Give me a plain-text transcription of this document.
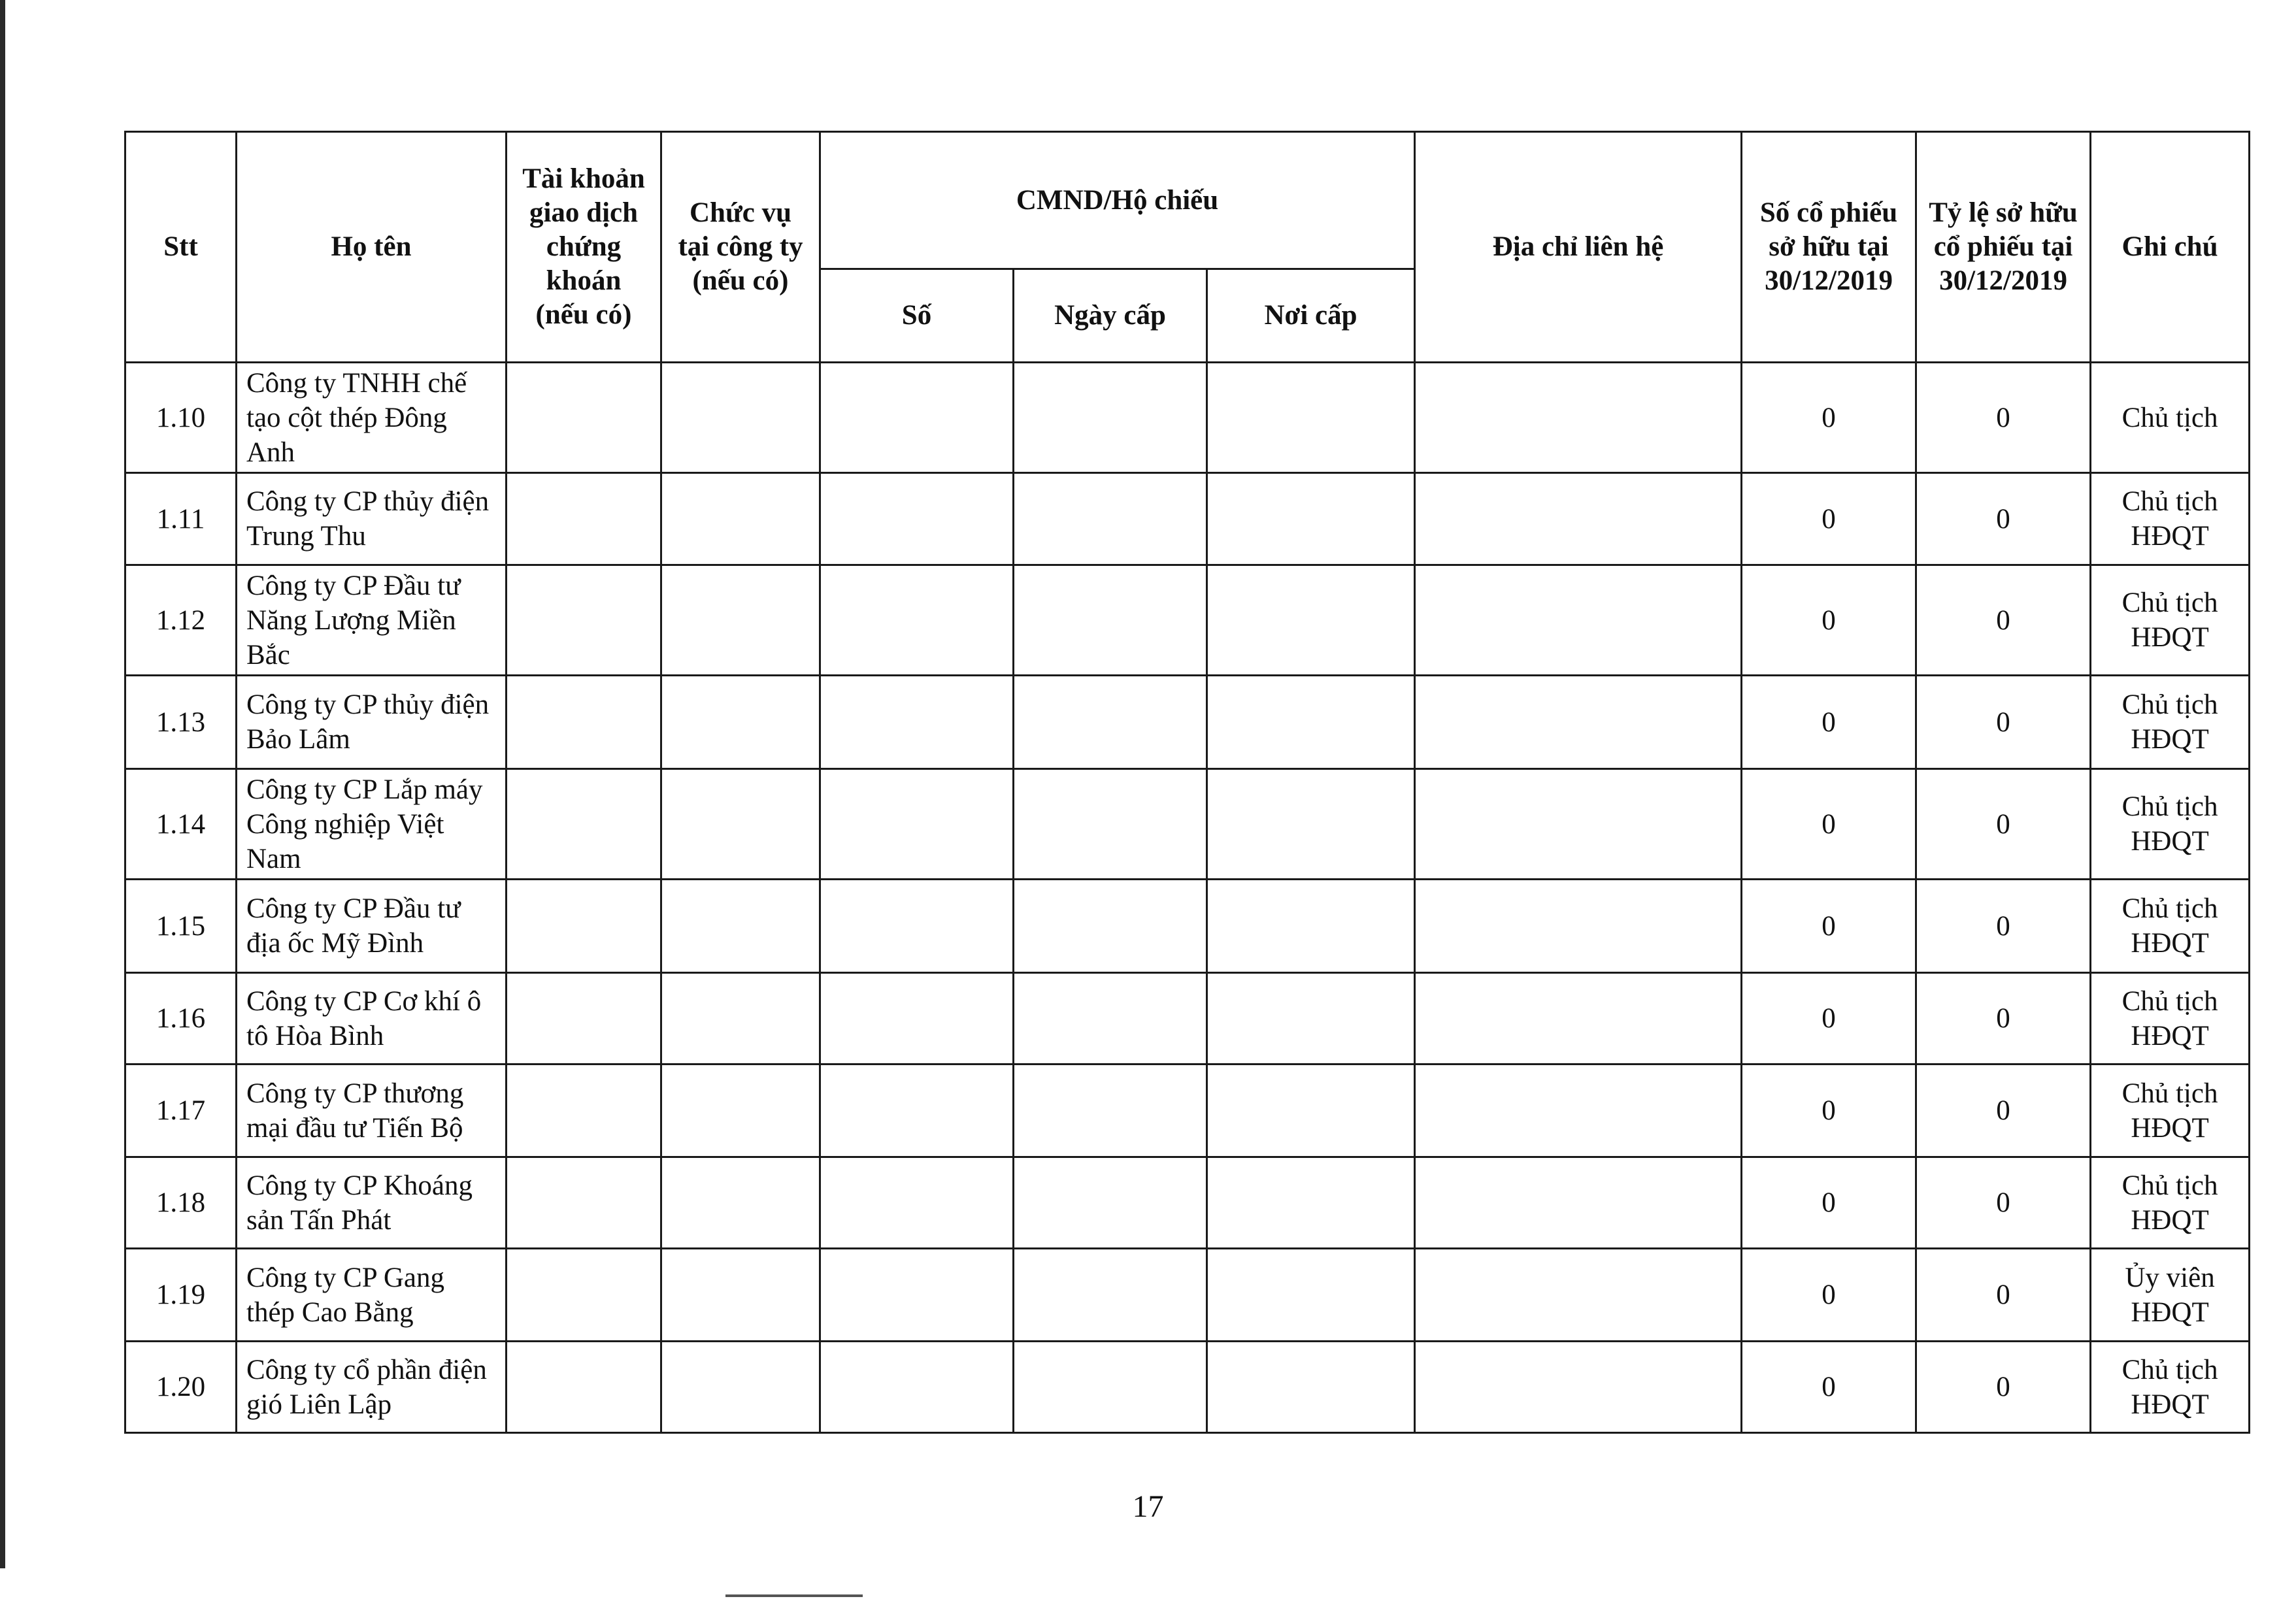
Stt	Họ tên	Tài khoản giao dịch chứng khoán (nếu có)	Chức vụ tại công ty (nếu có)	CMND/Hộ chiếu			Địa chỉ liên hệ	Số cổ phiếu sở hữu tại 30/12/2019	Tỷ lệ sở hữu cổ phiếu tại 30/12/2019	Ghi chú
				Số	Ngày cấp	Nơi cấp				
1.10	Công ty TNHH chế tạo cột thép Đông Anh							0	0	Chủ tịch
1.11	Công ty CP thủy điện Trung Thu							0	0	Chủ tịch HĐQT
1.12	Công ty CP Đầu tư Năng Lượng Miền Bắc							0	0	Chủ tịch HĐQT
1.13	Công ty CP thủy điện Bảo Lâm							0	0	Chủ tịch HĐQT
1.14	Công ty CP Lắp máy Công nghiệp Việt Nam							0	0	Chủ tịch HĐQT
1.15	Công ty CP Đầu tư địa ốc Mỹ Đình							0	0	Chủ tịch HĐQT
1.16	Công ty CP Cơ khí ô tô Hòa Bình							0	0	Chủ tịch HĐQT
1.17	Công ty CP thương mại đầu tư Tiến Bộ							0	0	Chủ tịch HĐQT
1.18	Công ty CP Khoáng sản Tấn Phát							0	0	Chủ tịch HĐQT
1.19	Công ty CP Gang thép Cao Bằng							0	0	Ủy viên HĐQT
1.20	Công ty cổ phần điện gió Liên Lập							0	0	Chủ tịch HĐQT
17
